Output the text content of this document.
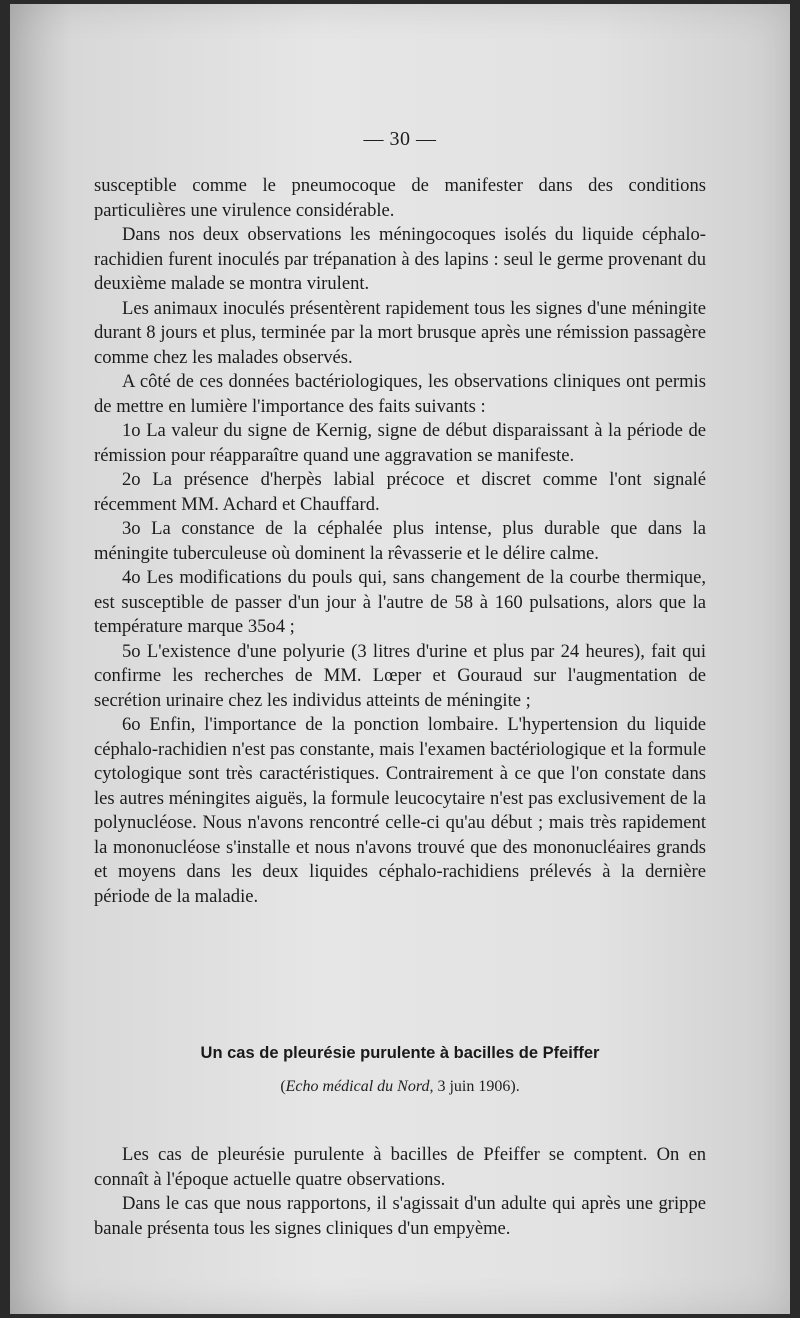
— 30 —

susceptible comme le pneumocoque de manifester dans des conditions particulières une virulence considérable.

Dans nos deux observations les méningocoques isolés du liquide céphalo-rachidien furent inoculés par trépanation à des lapins : seul le germe provenant du deuxième malade se montra virulent.

Les animaux inoculés présentèrent rapidement tous les signes d'une méningite durant 8 jours et plus, terminée par la mort brusque après une rémission passagère comme chez les malades observés.

A côté de ces données bactériologiques, les observations cliniques ont permis de mettre en lumière l'importance des faits suivants :

1o La valeur du signe de Kernig, signe de début disparaissant à la période de rémission pour réapparaître quand une aggravation se manifeste.

2o La présence d'herpès labial précoce et discret comme l'ont signalé récemment MM. Achard et Chauffard.

3o La constance de la céphalée plus intense, plus durable que dans la méningite tuberculeuse où dominent la rêvasserie et le délire calme.

4o Les modifications du pouls qui, sans changement de la courbe thermique, est susceptible de passer d'un jour à l'autre de 58 à 160 pulsations, alors que la température marque 35o4 ;

5o L'existence d'une polyurie (3 litres d'urine et plus par 24 heures), fait qui confirme les recherches de MM. Lœper et Gouraud sur l'augmentation de secrétion urinaire chez les individus atteints de méningite ;

6o Enfin, l'importance de la ponction lombaire. L'hypertension du liquide céphalo-rachidien n'est pas constante, mais l'examen bactériologique et la formule cytologique sont très caractéristiques. Contrairement à ce que l'on constate dans les autres méningites aiguës, la formule leucocytaire n'est pas exclusivement de la polynucléose. Nous n'avons rencontré celle-ci qu'au début ; mais très rapidement la mononucléose s'installe et nous n'avons trouvé que des mononucléaires grands et moyens dans les deux liquides céphalo-rachidiens prélevés à la dernière période de la maladie.

Un cas de pleurésie purulente à bacilles de Pfeiffer
(Echo médical du Nord, 3 juin 1906).

Les cas de pleurésie purulente à bacilles de Pfeiffer se comptent. On en connaît à l'époque actuelle quatre observations.

Dans le cas que nous rapportons, il s'agissait d'un adulte qui après une grippe banale présenta tous les signes cliniques d'un empyème.
